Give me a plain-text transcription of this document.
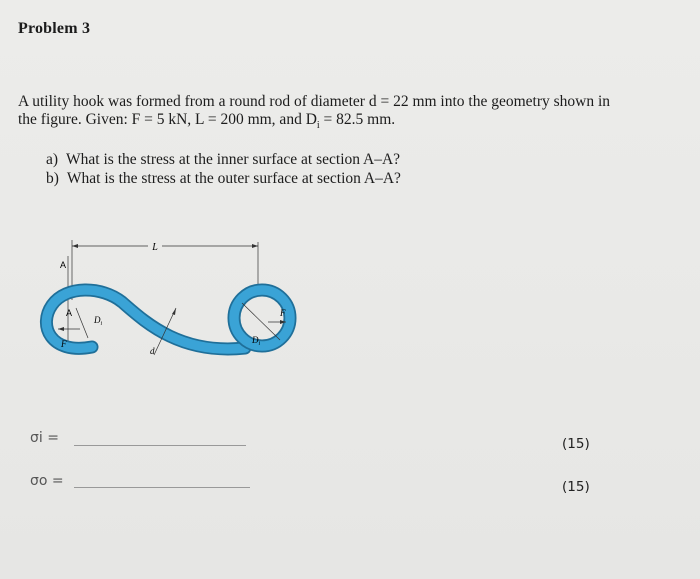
Problem 3
A utility hook was formed from a round rod of diameter d = 22 mm into the geometry shown in
the figure. Given: F = 5 kN, L = 200 mm, and $D_i = 82.5$ mm.
a) What is the stress at the inner surface at section A–A?
b) What is the stress at the outer surface at section A–A?
L
A
A
$D_i$
F
d
$D_i$
F
σi =	(15)
σo =	(15)
